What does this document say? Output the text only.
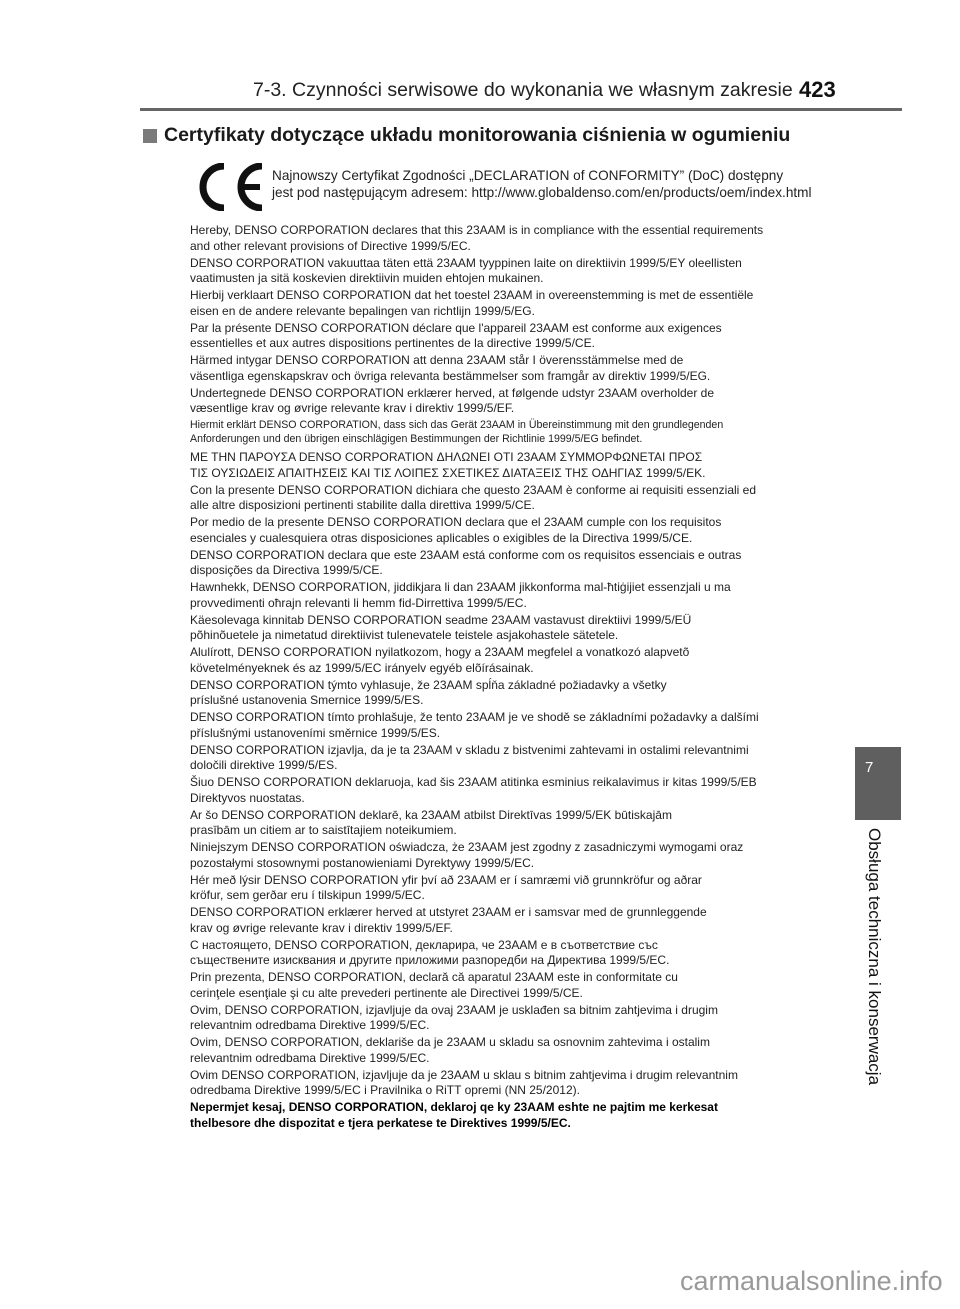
7-3. Czynności serwisowe do wykonania we własnym zakresie 423
Certyfikaty dotyczące układu monitorowania ciśnienia w ogumieniu
Najnowszy Certyfikat Zgodności „DECLARATION of CONFORMITY” (DoC) dostępny
jest pod następującym adresem: http://www.globaldenso.com/en/products/oem/index.html
Hereby, DENSO CORPORATION declares that this 23AAM is in compliance with the essential requirements
and other relevant provisions of Directive 1999/5/EC.
DENSO CORPORATION vakuuttaa täten että 23AAM tyyppinen laite on direktiivin 1999/5/EY oleellisten
vaatimusten ja sitä koskevien direktiivin muiden ehtojen mukainen.
Hierbij verklaart DENSO CORPORATION dat het toestel 23AAM in overeenstemming is met de essentiële
eisen en de andere relevante bepalingen van richtlijn 1999/5/EG.
Par la présente DENSO CORPORATION déclare que l'appareil 23AAM est conforme aux exigences
essentielles et aux autres dispositions pertinentes de la directive 1999/5/CE.
Härmed intygar DENSO CORPORATION att denna 23AAM står I överensstämmelse med de
väsentliga egenskapskrav och övriga relevanta bestämmelser som framgår av direktiv 1999/5/EG.
Undertegnede DENSO CORPORATION erklærer herved, at følgende udstyr 23AAM overholder de
væsentlige krav og øvrige relevante krav i direktiv 1999/5/EF.
Hiermit erklärt DENSO CORPORATION, dass sich das Gerät 23AAM in Übereinstimmung mit den grundlegenden
Anforderungen und den übrigen einschlägigen Bestimmungen der Richtlinie 1999/5/EG befindet.
ΜΕ ΤΗΝ ΠΑΡΟΥΣΑ DENSO CORPORATION ΔΗΛΩΝΕΙ ΟΤΙ 23AAM ΣΥΜΜΟΡΦΩΝΕΤΑΙ ΠΡΟΣ
ΤΙΣ ΟΥΣΙΩΔΕΙΣ ΑΠΑΙΤΗΣΕΙΣ ΚΑΙ ΤΙΣ ΛΟΙΠΕΣ ΣΧΕΤΙΚΕΣ ΔΙΑΤΑΞΕΙΣ ΤΗΣ ΟΔΗΓΙΑΣ 1999/5/ΕΚ.
Con la presente DENSO CORPORATION dichiara che questo 23AAM è conforme ai requisiti essenziali ed
alle altre disposizioni pertinenti stabilite dalla direttiva 1999/5/CE.
Por medio de la presente DENSO CORPORATION declara que el 23AAM cumple con los requisitos
esenciales y cualesquiera otras disposiciones aplicables o exigibles de la Directiva 1999/5/CE.
DENSO CORPORATION declara que este 23AAM está conforme com os requisitos essenciais e outras
disposições da Directiva 1999/5/CE.
Hawnhekk, DENSO CORPORATION, jiddikjara li dan 23AAM jikkonforma mal-ħtiġijiet essenzjali u ma
provvedimenti oħrajn relevanti li hemm fid-Dirrettiva 1999/5/EC.
Käesolevaga kinnitab DENSO CORPORATION seadme 23AAM vastavust direktiivi 1999/5/EÜ
põhinõuetele ja nimetatud direktiivist tulenevatele teistele asjakohastele sätetele.
Alulírott, DENSO CORPORATION nyilatkozom, hogy a 23AAM megfelel a vonatkozó alapvetõ
követelményeknek és az 1999/5/EC irányelv egyéb elõírásainak.
DENSO CORPORATION týmto vyhlasuje, že 23AAM spĺňa základné požiadavky a všetky
príslušné ustanovenia Smernice 1999/5/ES.
DENSO CORPORATION tímto prohlašuje, že tento 23AAM je ve shodě se základními požadavky a dalšími
příslušnými ustanoveními směrnice 1999/5/ES.
DENSO CORPORATION izjavlja, da je ta 23AAM v skladu z bistvenimi zahtevami in ostalimi relevantnimi
določili direktive 1999/5/ES.
Šiuo DENSO CORPORATION deklaruoja, kad šis 23AAM atitinka esminius reikalavimus ir kitas 1999/5/EB
Direktyvos nuostatas.
Ar šo DENSO CORPORATION deklarē, ka 23AAM atbilst Direktīvas 1999/5/EK būtiskajām
prasībām un citiem ar to saistītajiem noteikumiem.
Niniejszym DENSO CORPORATION oświadcza, że 23AAM jest zgodny z zasadniczymi wymogami oraz
pozostałymi stosownymi postanowieniami Dyrektywy 1999/5/EC.
Hér með lýsir DENSO CORPORATION yfir því að 23AAM er í samræmi við grunnkröfur og aðrar
kröfur, sem gerðar eru í tilskipun 1999/5/EC.
DENSO CORPORATION erklærer herved at utstyret 23AAM er i samsvar med de grunnleggende
krav og øvrige relevante krav i direktiv 1999/5/EF.
С настоящето, DENSO CORPORATION, декларира, че 23AAM е в съответствие със
съществените изисквания и другите приложими разпоредби на Директива 1999/5/EC.
Prin prezenta, DENSO CORPORATION, declară că aparatul 23AAM este in conformitate cu
cerinţele esenţiale şi cu alte prevederi pertinente ale Directivei 1999/5/CE.
Ovim, DENSO CORPORATION, izjavljuje da ovaj 23AAM je usklađen sa bitnim zahtjevima i drugim
relevantnim odredbama Direktive 1999/5/EC.
Ovim, DENSO CORPORATION, deklariše da je 23AAM u skladu sa osnovnim zahtevima i ostalim
relevantnim odredbama Direktive 1999/5/EC.
Ovim DENSO CORPORATION, izjavljuje da je 23AAM u sklau s bitnim zahtjevima i drugim relevantnim
odredbama Direktive 1999/5/EC i Pravilnika o RiTT opremi (NN 25/2012).
Nepermjet kesaj, DENSO CORPORATION, deklaroj qe ky 23AAM eshte ne pajtim me kerkesat
thelbesore dhe dispozitat e tjera perkatese te Direktives 1999/5/EC.
7
Obsługa techniczna i konserwacja
carmanualsonline.info
